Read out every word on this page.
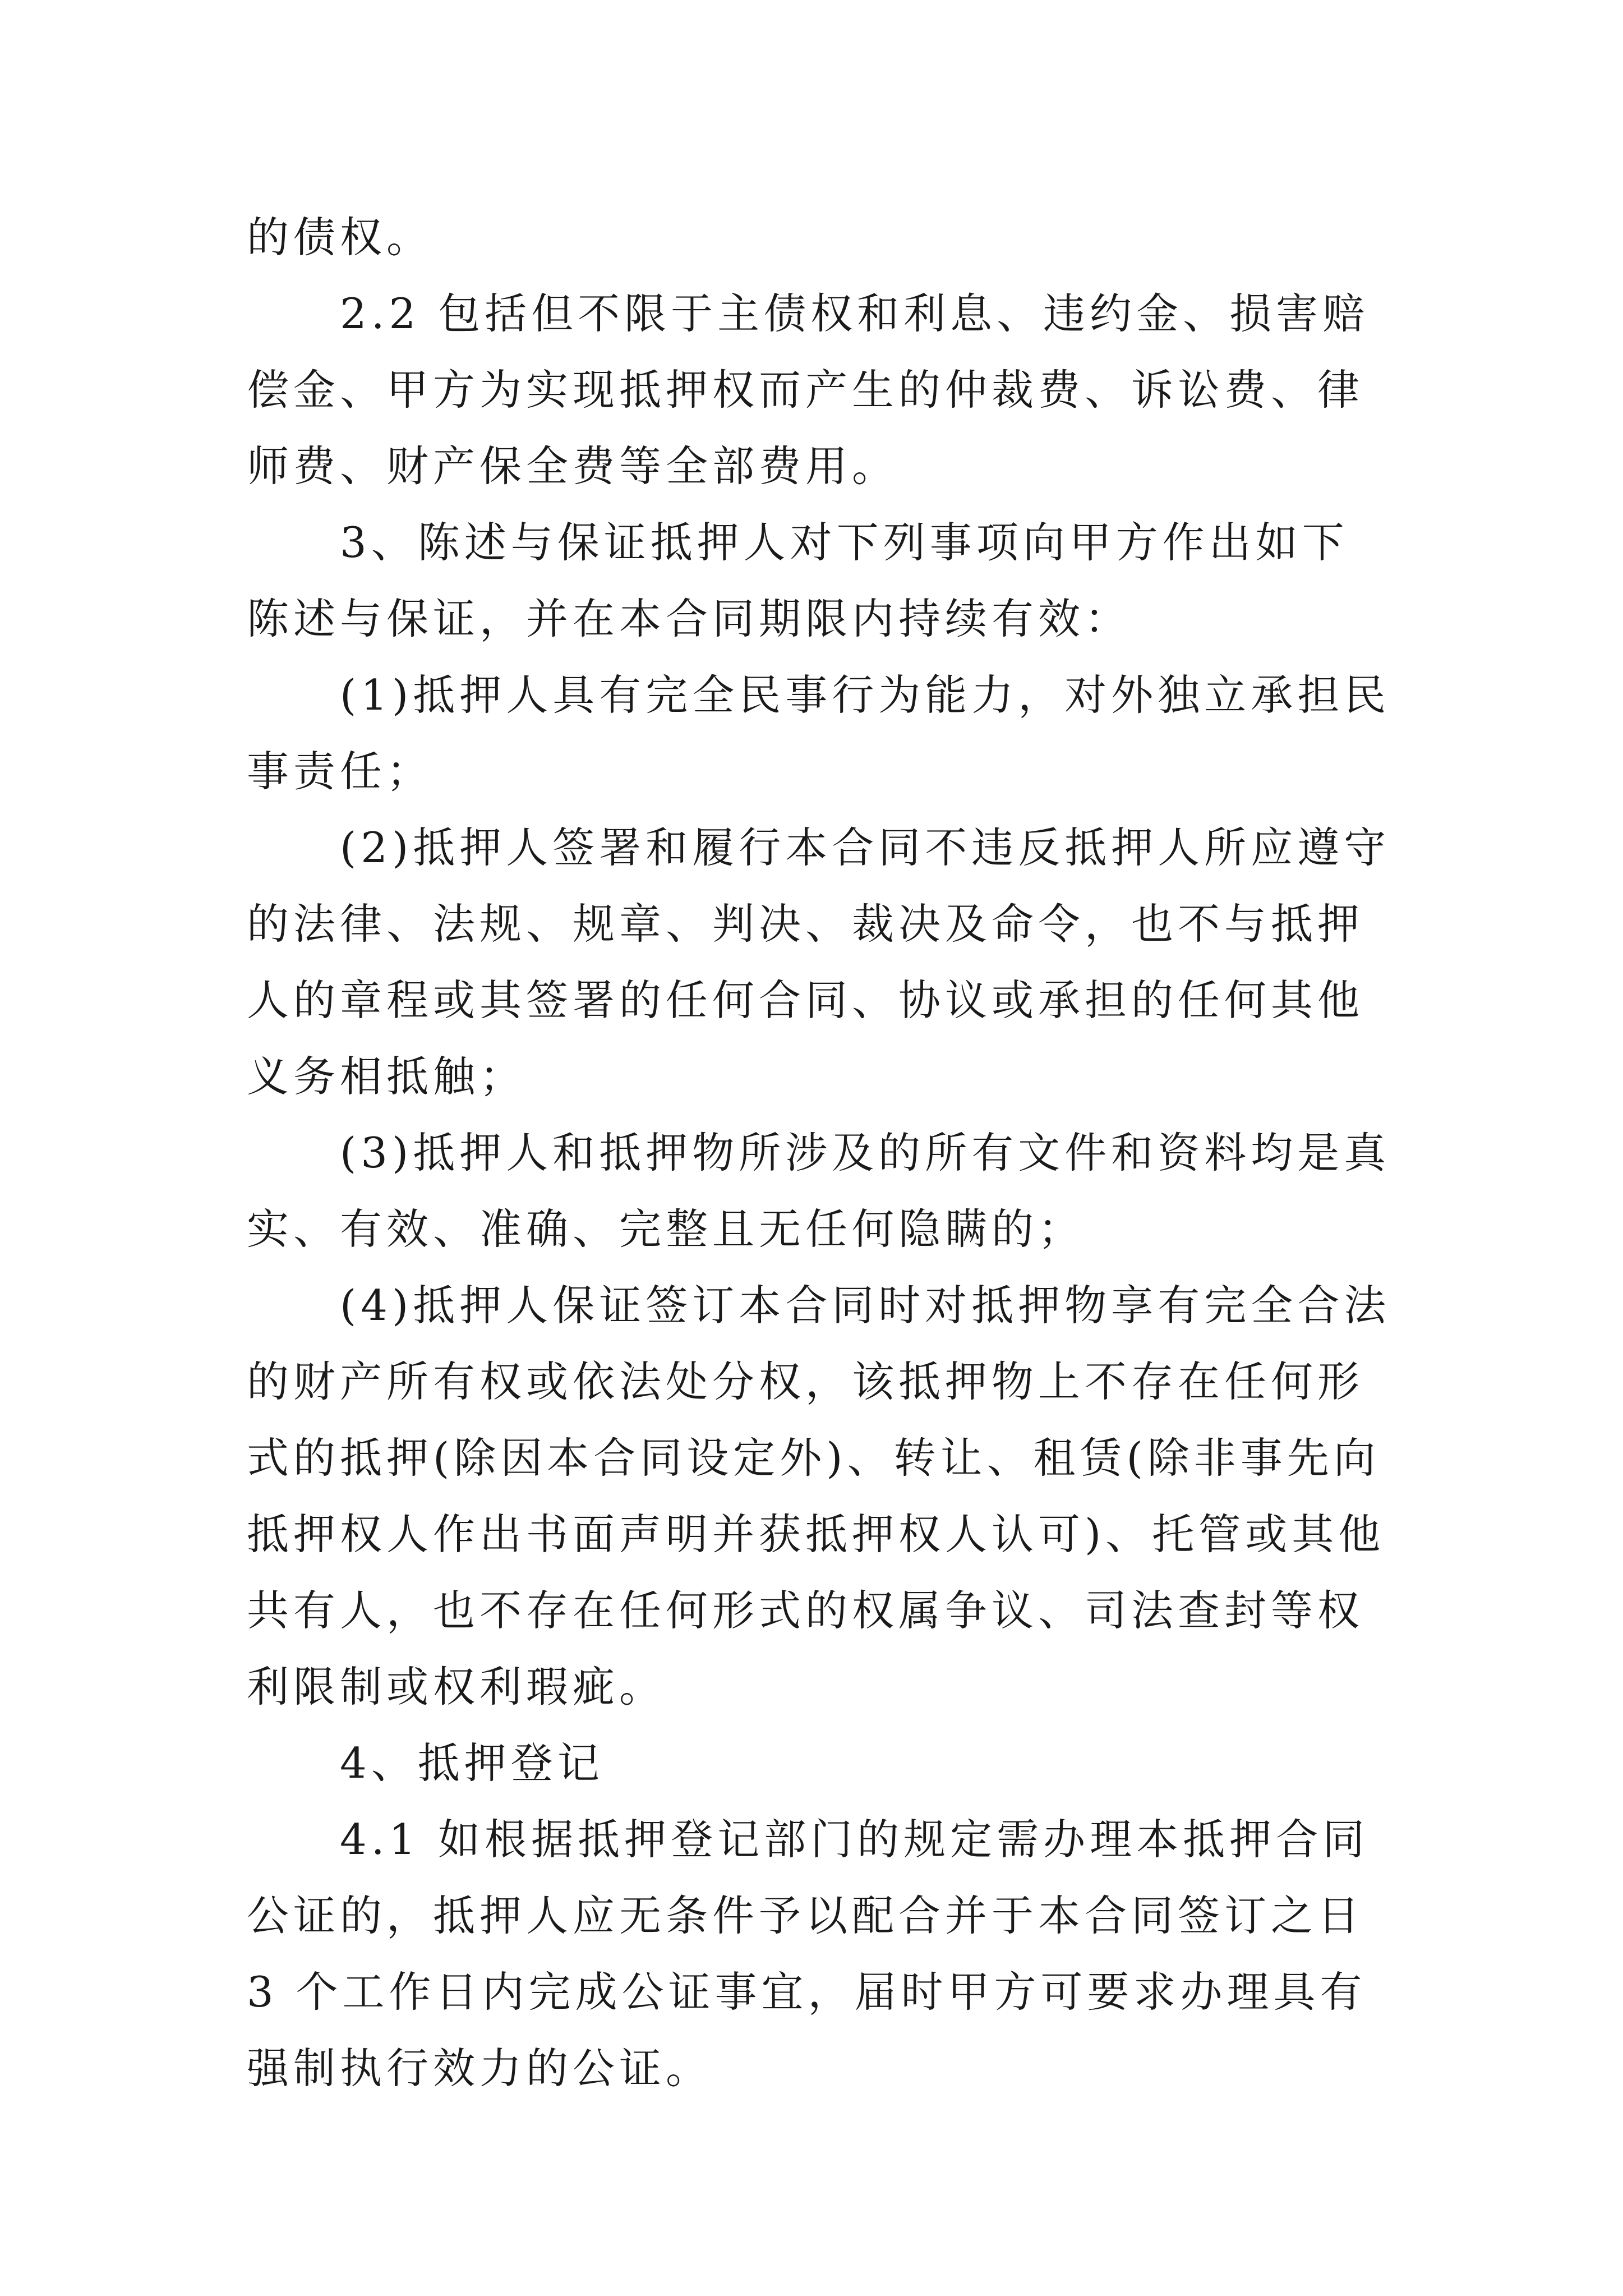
的债权。

2.2 包括但不限于主债权和利息、违约金、损害赔偿金、甲方为实现抵押权而产生的仲裁费、诉讼费、律师费、财产保全费等全部费用。

3、陈述与保证抵押人对下列事项向甲方作出如下陈述与保证，并在本合同期限内持续有效：

(1)抵押人具有完全民事行为能力，对外独立承担民事责任；

(2)抵押人签署和履行本合同不违反抵押人所应遵守的法律、法规、规章、判决、裁决及命令，也不与抵押人的章程或其签署的任何合同、协议或承担的任何其他义务相抵触；

(3)抵押人和抵押物所涉及的所有文件和资料均是真实、有效、准确、完整且无任何隐瞒的；

(4)抵押人保证签订本合同时对抵押物享有完全合法的财产所有权或依法处分权，该抵押物上不存在任何形式的抵押(除因本合同设定外)、转让、租赁(除非事先向抵押权人作出书面声明并获抵押权人认可)、托管或其他共有人，也不存在任何形式的权属争议、司法查封等权利限制或权利瑕疵。

4、抵押登记

4.1 如根据抵押登记部门的规定需办理本抵押合同公证的，抵押人应无条件予以配合并于本合同签订之日 3 个工作日内完成公证事宜，届时甲方可要求办理具有强制执行效力的公证。
